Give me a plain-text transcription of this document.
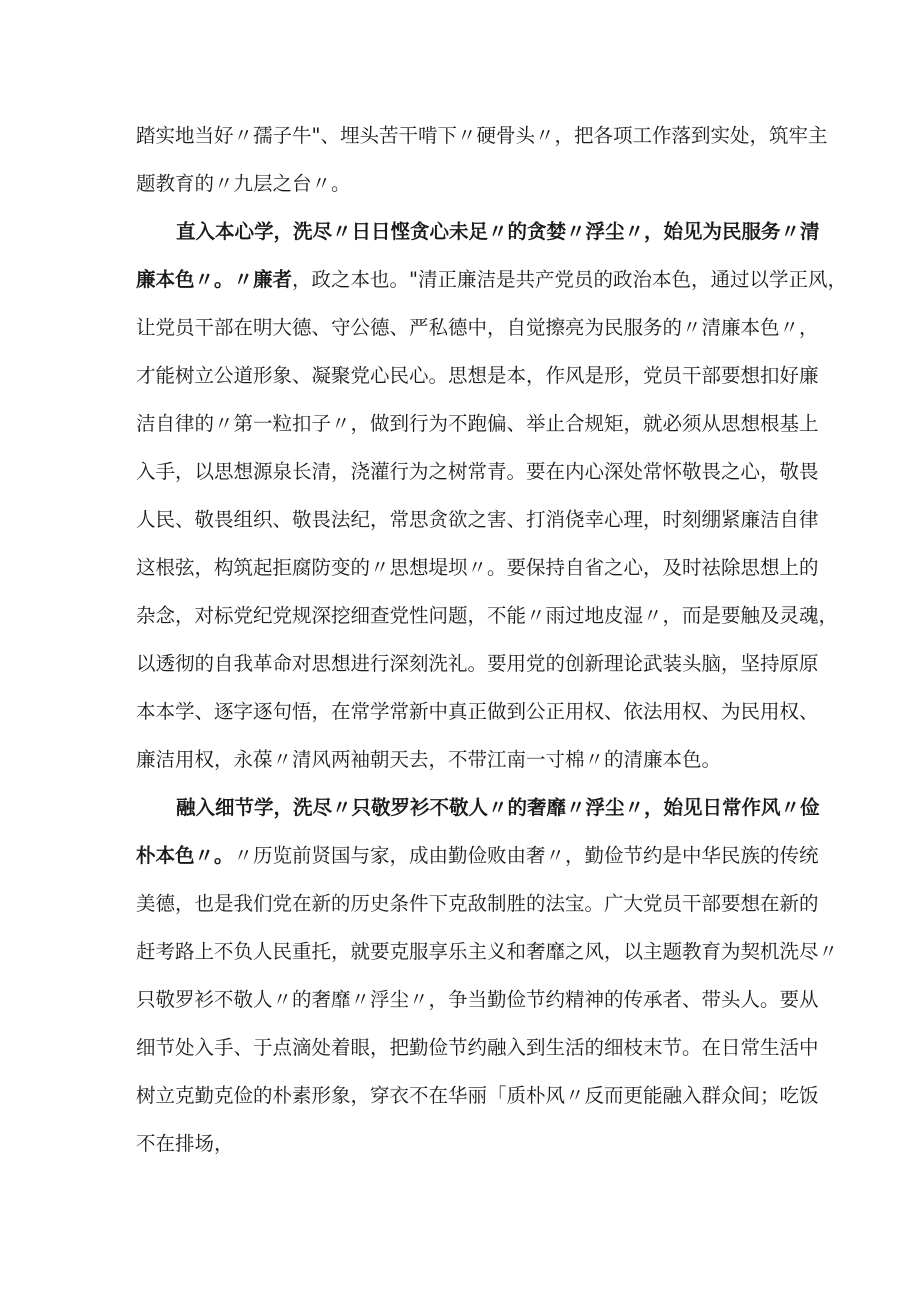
踏实地当好〃孺子牛"、埋头苦干啃下〃硬骨头〃，把各项工作落到实处，筑牢主
题教育的〃九层之台〃。
直入本心学，洗尽〃日日悭贪心未足〃的贪婪〃浮尘〃，始见为民服务〃清
廉本色〃。〃廉者，政之本也。"清正廉洁是共产党员的政治本色，通过以学正风，
让党员干部在明大德、守公德、严私德中，自觉擦亮为民服务的〃清廉本色〃，
才能树立公道形象、凝聚党心民心。思想是本，作风是形，党员干部要想扣好廉
洁自律的〃第一粒扣子〃，做到行为不跑偏、举止合规矩，就必须从思想根基上
入手，以思想源泉长清，浇灌行为之树常青。要在内心深处常怀敬畏之心，敬畏
人民、敬畏组织、敬畏法纪，常思贪欲之害、打消侥幸心理，时刻绷紧廉洁自律
这根弦，构筑起拒腐防变的〃思想堤坝〃。要保持自省之心，及时祛除思想上的
杂念，对标党纪党规深挖细查党性问题，不能〃雨过地皮湿〃，而是要触及灵魂，
以透彻的自我革命对思想进行深刻洗礼。要用党的创新理论武装头脑，坚持原原
本本学、逐字逐句悟，在常学常新中真正做到公正用权、依法用权、为民用权、
廉洁用权，永葆〃清风两袖朝天去，不带江南一寸棉〃的清廉本色。
融入细节学，洗尽〃只敬罗衫不敬人〃的奢靡〃浮尘〃，始见日常作风〃俭
朴本色〃。〃历览前贤国与家，成由勤俭败由奢〃，勤俭节约是中华民族的传统
美德，也是我们党在新的历史条件下克敌制胜的法宝。广大党员干部要想在新的
赶考路上不负人民重托，就要克服享乐主义和奢靡之风，以主题教育为契机洗尽〃
只敬罗衫不敬人〃的奢靡〃浮尘〃，争当勤俭节约精神的传承者、带头人。要从
细节处入手、于点滴处着眼，把勤俭节约融入到生活的细枝末节。在日常生活中
树立克勤克俭的朴素形象，穿衣不在华丽「质朴风〃反而更能融入群众间；吃饭
不在排场，
